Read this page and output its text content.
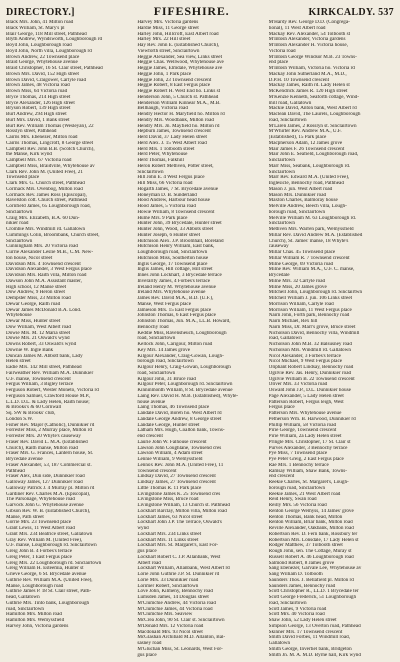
DIRECTORY.]	FIFESHIRE.	KIRKCALDY. 537
Black Mrs. John, 41 Milton road
Black William, St. Mary's pl
Blair George, 118 Mill street, Pathhead
Blyth Andrew, Wyndsworth, Loughborough rd
Boyd John, Loughborough road
Boyd John, North villa, Loughborough rd
Brown Andrew, 22 Townsend place
Braid George, Whytehouse avenue
Braid Christopher, 16 St. Clair street, Pathhead
Brown Mrs. David, 152 High street
Brown David, Craigower, Carlyle road
Brown James, 48 Victoria road
Brown Miss, 64 Victoria road
Bryce Thomas, 214 High street
Bryce Alexander, 126 High street
Bryson Robert, 139 High street
Burt Andrew, 294 High street
Burt Mrs. David, 1 Bank street
Burt Rev. William Thomas (Wesleyan), 22
Rosslyn street, Pathhead
Cairns Mrs. Ebenezer, Milton road
Cairns Thomas, Lingcroft, 8 George street
Campbell Rev. John B.B. (Scotch Church),
the Manse, Kirk wynd
Campbell Mrs. 67 Victoria road
Campbell Miss, Braidville, Whytehouse av
Clark Rev. John M. (United Free), 21
Townsend place
Clark Mrs. G. Church street, Pathhead
Cormack Mrs. Ovenbog, Milton road
Cormack Rev. James Ross (Episcopal),
Ravelston cott. Church street, Pathhead
Cornfield James, 65 Loughborough road,
Sinclairtown
Craig Mrs. Elizabeth, B.A. 60 Dun-
nikier road
Crombie Mrs. Windmill rd. Gallatown
Cummings Colin, Broombank, Church street,
Sinclairtown
Cunningham Mrs. 20 Victoria road
Currie Alexander Leslie M.B., C.M. New-
ton house, Nicol street
Davidson Mrs. 4 Townsend crescent
Davidson Alexander, 3 West Fergus place
Davidson Mrs. Raith villa, Milton road
Dawson John M.A. Assistant master,
High school, 12 Manse street
Dow Andrew, 9 Heron street
Dempster Miss, 23 Milton road
Dewar George, Raith road
Dewar James McDonald B.A. Lond.
Whytehouse
Dewar Miss, Hunter street
Dow William, West Albert road
Dowie Mrs. M. 12 Maria street
Dowie Mrs. 21 Oswald's wynd
Downs Robert, 33 Oswald's wynd
Downie W. Ingle Bank
Duncan James M. Abbott bank, Lady
Helen street
Eadie Mrs. 142 Mill street, Pathhead
Fairweather Rev. William M.A. Dunnikier
U.F. manse, Townsend crescent
Fergus William, 3 Bigley terrace
Ferguson Robert, Wester Moneto, Victoria rd
Ferguson Samuel, Crawford House M.P.,
L.L.D. D.L. & Lady Helen, Raith house;
& Brooks's & 60 Cornwall
Sq. SW & Brooks' club,
London S.W.
Fisher Rev. Major (Catholic), Dunnikier rd
Forrester Miss, 2 Murray place, Milton rd
Forrester Mrs. 20 Whyte's causeway
Fraser Rev. David L. M.A. (Established
Church), Raith manse, Milton road
Fraser Mrs. G. Frances, Lantern house, St.
Brycedale avenue
Fraser Alexander, 53, 187 Commercial st.
Pathhead
Fraser Alex, Dun side, Dunnikier road
Galloway James, 127 Dunnikier road
Galloway Patrick J. 4 Murray pl. Milton rd
Gardiner Rev. Charles M.A. (Episcopal),
The Parsonage, Whytehouse road
Garvock John G. Whytehouse avenue
Gibson Rev. W. B. (Established Church),
Manse, Path street
Gorrie Mrs. 23 Townsend place
Grant Lewis, 11 West Albert road
Grant Mrs. 234 Beatrice street, Gallatown
Gray Rev. William M. (United Free),
U.F. manse, Loughborough rd. Sinclairtown
Greig John B. 4 Forbes's terrace
Greig Peter, 1 East Fergus place
Greig Mrs. 22 Loughborough rd. Sinclairtown
Greig William H. Esteemia, Hunter st
Grieve George, 6 St. Brycedale avenue
Guthrie Rev. William M.A. (United Free),
Manse, Loughborough road
Guthrie James P. 18 St. Clair street, Path-
head, Gallatown
Guthrie Mrs. Tinto bank, Loughborough
road, Sinclairtown
Hamilton Mrs. Milton road
Hamilton Mrs. Wemyssfield
Harvey John, Victoria gardens
Harvey Mrs. Victoria gardens
Hardie Miss, 11 George street
Harley John, Hillcroft, East Albert road
Harley Mrs. 22 Hill street
Hay Rev. John E. (Established Church),
Viewforth street, Sinclairtown
Heggie Alexander, Sea view, Links street
Heggie Chas. Wellwood, Whytehouse ave
Heggie James, Elmdale, Whytehouse ave
Heggie John, 1 Park place
Heggie John, 23 Townsend crescent
Heggie Robert, 8 East Fergus place
Heggie Robert H. West End ho. Links st
Henderson John, 5 Church st. Pathhead
Henderson William Kinnear M.A., M.B.
Bellhaugh, Victoria road
Hendry Hector H. Maryfield ho. Milton rd
Hendry Mrs. Woodbank, Milton road
Hendry Mrs. Jn. Mayfield ho. Milton rd
Hepburn James, Townsend crescent
Herd David, 37 Lady Helen street
Herd Alex. J. 15 West Albert road
Herd Mrs. 1 Tolbooth street
Herd Peter, Whytehouse
Herd Thomas, Falkhill
Heron Robert Methven, Potter street,
Sinclairtown
Hill John E. 4 West Fergus place
Hill Miss, 66 Victoria road
Hogarth James, 7 St. Brycedale avenue
Honeyman D. B. Sunderland
Hood Andrew, Harbour head house
Hood James, 5 Victoria road
Howie William, 8 Townsend crescent
Hume Mrs. 9 Park place
Hunter John, 39 Brycedale, Hunter street
Hunter John, Wood, 33 Abbots street
Hunter Joseph, 6 Hunter street
Hutchison Alex. J.P. Broomhall, Boreland
Hutchison Henry William, East bank,
Loughborough road, Sinclairtown
Hutchison Miss, Southerton house
Inglis George, 17 Townsend place
Inglis James, Hill cottage, Hill street
Innes John Lockhart, 3 Brycedale terrace
Inverarity James, 4 Forbes's terrace
Ireland Henry M. Whytehouse avenue
Ireland Mrs. Whytehouse avenue
James Rev. David M.A., B.D. (U.F.),
Manse, West Fergus place
Jamieson Mrs. 15 East Fergus place
Johnston Thomas, 6 East Fergus place
Johnston Thomas, Jun. M.A., LL.B. Howard,
Bennochy road
Keddie Miss, Ravensheuch, Loughborough
road, Sinclairtown
Kellock John, Carigour, Milton road
Key Mrs. 14 James grove
Kilgour Alexander, Craig-Gowan, Lough-
borough road, Sinclairtown
Kilgour Henry, Craig-Gowan, Loughborough
road, Sinclairtown
Kilgour John, 31 Bruce road
Kilgour Peter, Loughborough rd. Sinclairtown
Kinninmonth William, 8 St. Brycedale avenue
Laing Rev. David H. M.B. (Established), Whyte-
house avenue
Laing Thomas, 46 Townsend place
Landale David, Boreh ho. West Albert rd
Landale George Andrew, 8 George street
Landale George, Hunter street
Latham Mrs. Hugh, Coalton bank, Towns-
end crescent
Laurie John W. Falhouse crescent
Lawson John Coughlane, Townsend cres
Lawson William, 4 Adam street
Lennie William, 9 Wemyssfield
Lennox Rev. John M.A. (United Free), 11
Townsend crescent
Lindsay David, 27 Townsend crescent
Lindsay James, 27 Townsend crescent
Little Thomas R. 11 Park place
Livingstone James K. 25 Townsend cres
Livingstone Miss, Bruce road
Livingstone William, 13 Church st. Pathhead
Lockhart Barclay, Milton villa, Milton road
Lockhart James, 63 Nicol street
Lockhart John J.P. The Terrace, Oswald's
wynd
Lockhart Mrs. 234 Links street
Lockhart Mrs. 11 Links street
Lockhart Mrs. St. Margaret's, East For-
gus place
Lockhart Robert C. J.P. Allanbank, West
Albert road
Lockhart William, Allanbank, West Albert rd
Lorie John Guthrie J.P. St. Dunnikier rd
Lorie Mrs. 33 Dunnikier road
Lorimer Robert, Sinclairtown
Love John, Kilmeny, Bennochy road
Lumsden James, 14 Douglas street
M'Clumchie Andrew, 44 Victoria road
M'Clumchie James, 44 Victoria road
M'Clumchie Mrs. Seaview
McCrea John, 90 St. Clair st. Sinclairtown
M'Donald Mrs. 12 Victoria road
Macdonald Mrs. 93 Nicol street
McGlashan Archibald M.D. Allanton, Bal-
sasney road
M'Gluchan Miss, St. Leonards, West For-
gus place
M'Hardy Rev. George D.D. (Congrega-
tional), 11 West Albert road
Mackay Rev. Alexander, 54 Tolbooth st
M'Intosh Alexander, Victoria gardens
M'Intosh Alexander H. Victoria house,
Victoria road
M'Intosh George Windsor M.B. 23 Towns-
end place
M'Intosh William, Victoria ho. Victoria rd
Mackay John Sutherland M.A., M.D.,
D.P.H. 10 Townsend crescent
Mackay James, Raith rd. Lady Helen st
McKendrick James R. 120 High street
M'Kenzie Kenneth, Seaforth cottage, Wind-
mill road, Gallatown
Mackie David, Anton bank, West Albert rd
Maclean David, The Laurels, Loughborough
road, Sinclairtown
M'Laren James, 2 Rosslyn st. Sinclairtown
M'Whirter Rev. Andrew M.A., U.F.
(Established), 15 Park place
Macpherson Adam, 12 James grove
Mair James F. 26 Townsend crescent
Mair John E. Seafield, Loughborough road,
Sinclairtown
Marr Miss, Seabank, Loughborough rd.
Sinclairtown
Marr Rev. Edward M.A. (United Free),
Inglesicle, Bennochy road, Pathhead
Mason J. jun. West Albert road
Mason Mrs. Dunnikier road
Maxton Charles, Balmoray house
Melville Andrew, Beech villa, Lough-
borough road, Sinclairtown
Melville William M. 63 Loughborough rd.
Sinclairtown
Methven Mrs. Warren park, Wemyssfield
Millar Rev. David Andrew M.A. (Established
Church), St. James' manse, 18 Whyte's
causeway
Millar Chas. 45 Townsend place
Millar William R. 7 Townsend crescent
Milne George, 69 Victoria road
Milne Rev. William M.A., U.F. C. manse,
Brycedale
Milne Mrs. 32 Carlyle road
Milne Miss, 20 James grove
Mitchell John, Loughborough rd. Sinclairtwn
Mitchell William J. jun. 106 Links street
Morrison William, Carlyle road
Morrison William, 11 West Fergus place
Nairn John, Forth park, Bennochy road
Nairn Michael, Rex hill
Nairn Miss, Dr. Marr's grove, Bruce street
Nicholson David, Bennochy villa, Windmill
road, Gallatown
Nicholson John M.B. 32 Balsusney road
Nicholson Mrs. Windmill rd. Gallatown
Nicol Alexander, 3 Forbes's terrace
Nicol Michael, 9 West Fergus place
Oliphant Robert Lindsay, Bennochy road
Ogilvie Rev. Jas. Henry, Dunnikier road
Ogilvie William B. 22 Townsend crescent
Oliver Mrs. 33 Victoria road
Oswald John J.P., D.L. Dunnikier house
Page Alexander, 5 Lady Helen street
Patterson Robert, Fergus leigh, West
Fergus place
Patterson Mrs. Whytehouse avenue
Petherson Wm. B. Harwood, Dunnikier rd
Phillip William, 58 Victoria road
Pirie George, Townsend crescent
Pirie William, 2a Lady Helen street
Pringle Mrs. Christopher, 17 St. Clair st
Purves Alexander, 3 Bennochy terrace
Pye Miss, 7 Townsend place
Pye Peter Greig, 2 East Fergus place
Rae Mrs. 1 Bennochy terrace
Ramsay William, Shaw Bank, Towns-
end crescent
Reekie Charles, St. Margaret's, Lough-
borough road, Sinclairtown
Reekie James, 21 West Albert road
Reid Henry, Swan road
Reilly Mrs. 56 Victoria road
Renton George Wemyss, 14 James' grove
Renton Thomas, Bank head, Milton
Renton William, Briar bank, Milton road
Reville Alexander, Oakbank, Milton road
Robertson Rev. D. Fern bank, Rossbury ter
Robertson Mrs. Lonsdale, 17 Lady Helen st
Rodger Matthew, 37 Tolbooth street
Rough John, sen. The Cottage, Muray st
Russell Robert A. 46 Loughborough road
Salmond Robert, 8 James grove
Sang Ebenezer, Garvale Lee, Whytehouse av
Sang William D. Tolbooth
Saunders Thos. J. Bellafield pl. Milton rd
Saunders James, Bennochy road
Scott Christopher R., LL.D. 1 Brycedale ter
Scott George Frederick, 51 Loughborough
road, Sinclairtown
Scott James, 9 Victoria road
Scott Mrs. 40 Victoria road
Shaw John, 52 Lady Helen street
Simpson George, 13 Overton road, Pathhead
Skinner Mrs. 17 Townsend crescent
Smith David Forbes, 11 Windmill road,
Gallatown
Smith George, Invertiel bank, Bridgeton
Smith Jn. M. A. M.D. Byrne hall, Kirk wynd
